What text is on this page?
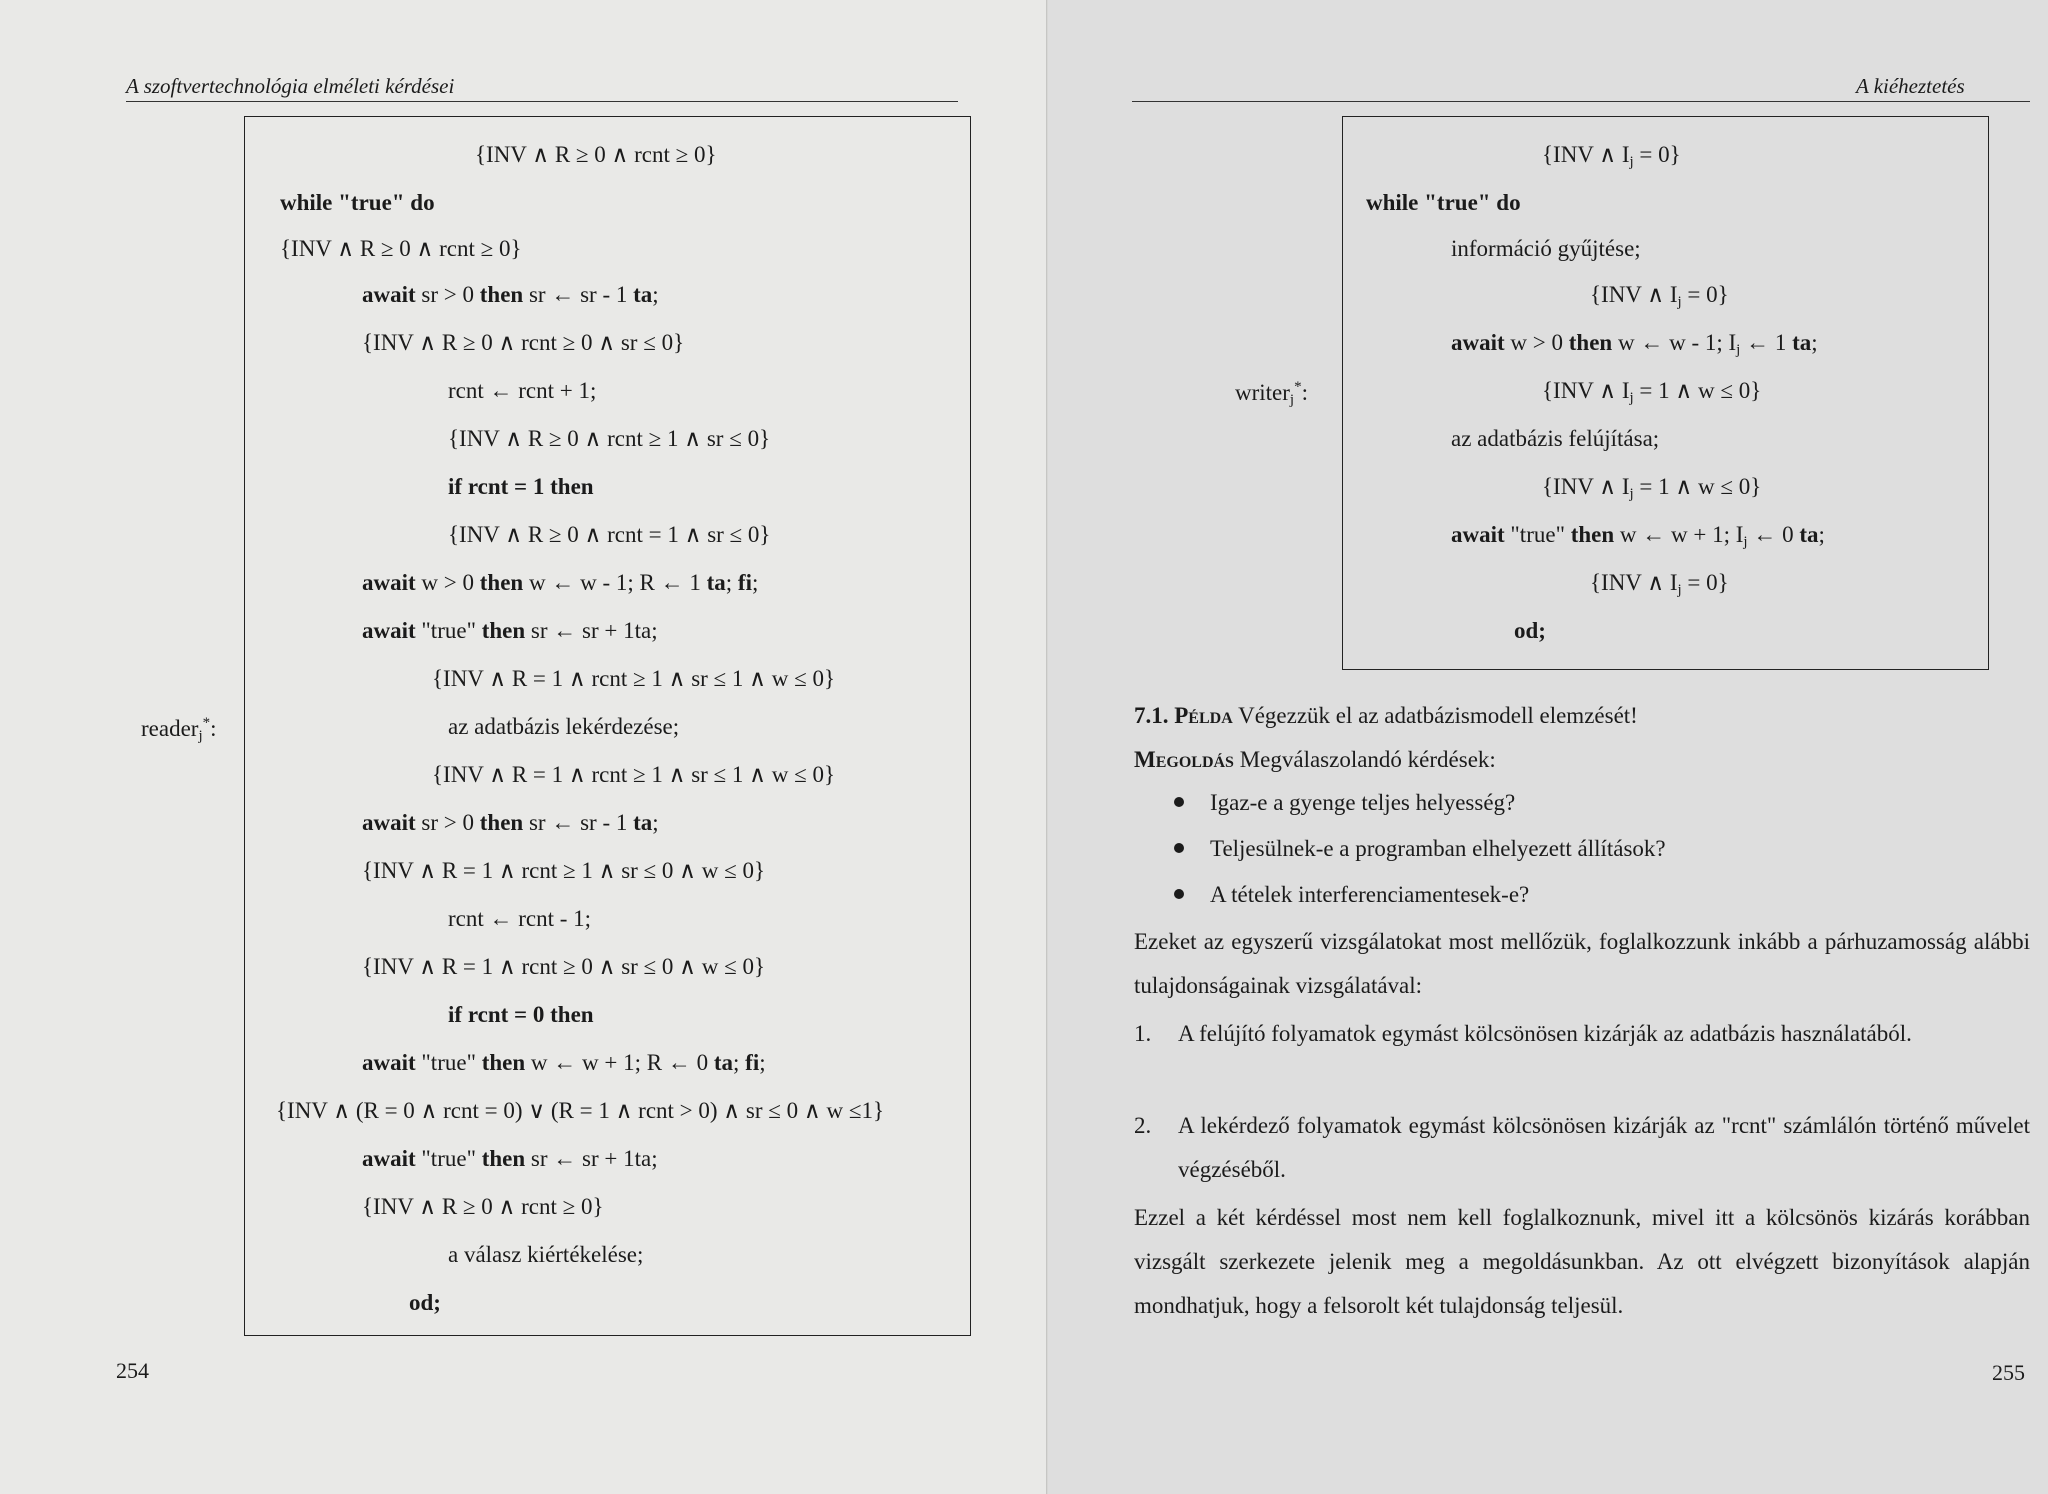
A szoftvertechnológia elméleti kérdései
{INV ∧ R ≥ 0 ∧ rcnt ≥ 0}
while "true" do
{INV ∧ R ≥ 0 ∧ rcnt ≥ 0}
await sr > 0 then sr ← sr - 1 ta;
{INV ∧ R ≥ 0 ∧ rcnt ≥ 0 ∧ sr ≤ 0}
rcnt ← rcnt + 1;
{INV ∧ R ≥ 0 ∧ rcnt ≥ 1 ∧ sr ≤ 0}
if rcnt = 1 then
{INV ∧ R ≥ 0 ∧ rcnt = 1 ∧ sr ≤ 0}
await w > 0 then w ← w - 1; R ← 1 ta; fi;
await "true" then sr ← sr + 1ta;
{INV ∧ R = 1 ∧ rcnt ≥ 1 ∧ sr ≤ 1 ∧ w ≤ 0}
az adatbázis lekérdezése;
{INV ∧ R = 1 ∧ rcnt ≥ 1 ∧ sr ≤ 1 ∧ w ≤ 0}
await sr > 0 then sr ← sr - 1 ta;
{INV ∧ R = 1 ∧ rcnt ≥ 1 ∧ sr ≤ 0 ∧ w ≤ 0}
rcnt ← rcnt - 1;
{INV ∧ R = 1 ∧ rcnt ≥ 0 ∧ sr ≤ 0 ∧ w ≤ 0}
if rcnt = 0 then
await "true" then w ← w + 1; R ← 0 ta; fi;
{INV ∧ (R = 0 ∧ rcnt = 0) ∨ (R = 1 ∧ rcnt > 0) ∧ sr ≤ 0 ∧ w ≤1}
await "true" then sr ← sr + 1ta;
{INV ∧ R ≥ 0 ∧ rcnt ≥ 0}
a válasz kiértékelése;
od;
reader$_j$*:
254
A kiéheztetés
{INV ∧ $I_j = 0$}
while "true" do
információ gyűjtése;
{INV ∧ $I_j = 0$}
await w > 0 then w ← w - 1; $I_j$ ← 1 ta;
{INV ∧ $I_j = 1$ ∧ w ≤ 0}
az adatbázis felújítása;
{INV ∧ $I_j = 1$ ∧ w ≤ 0}
await "true" then w ← w + 1; $I_j$ ← 0 ta;
{INV ∧ $I_j = 0$}
od;
writer$_j$*:
7.1. Példa Végezzük el az adatbázismodell elemzését!
Megoldás Megválaszolandó kérdések:
Igaz-e a gyenge teljes helyesség?
Teljesülnek-e a programban elhelyezett állítások?
A tételek interferenciamentesek-e?
Ezeket az egyszerű vizsgálatokat most mellőzük, foglalkozzunk inkább a párhuzamosság alábbi tulajdonságainak vizsgálatával:
1. A felújító folyamatok egymást kölcsönösen kizárják az adatbázis használatából.
2. A lekérdező folyamatok egymást kölcsönösen kizárják az "rcnt" számlálón történő művelet végzéséből.
Ezzel a két kérdéssel most nem kell foglalkoznunk, mivel itt a kölcsönös kizárás korábban vizsgált szerkezete jelenik meg a megoldásunkban. Az ott elvégzett bizonyítások alapján mondhatjuk, hogy a felsorolt két tulajdonság teljesül.
255
